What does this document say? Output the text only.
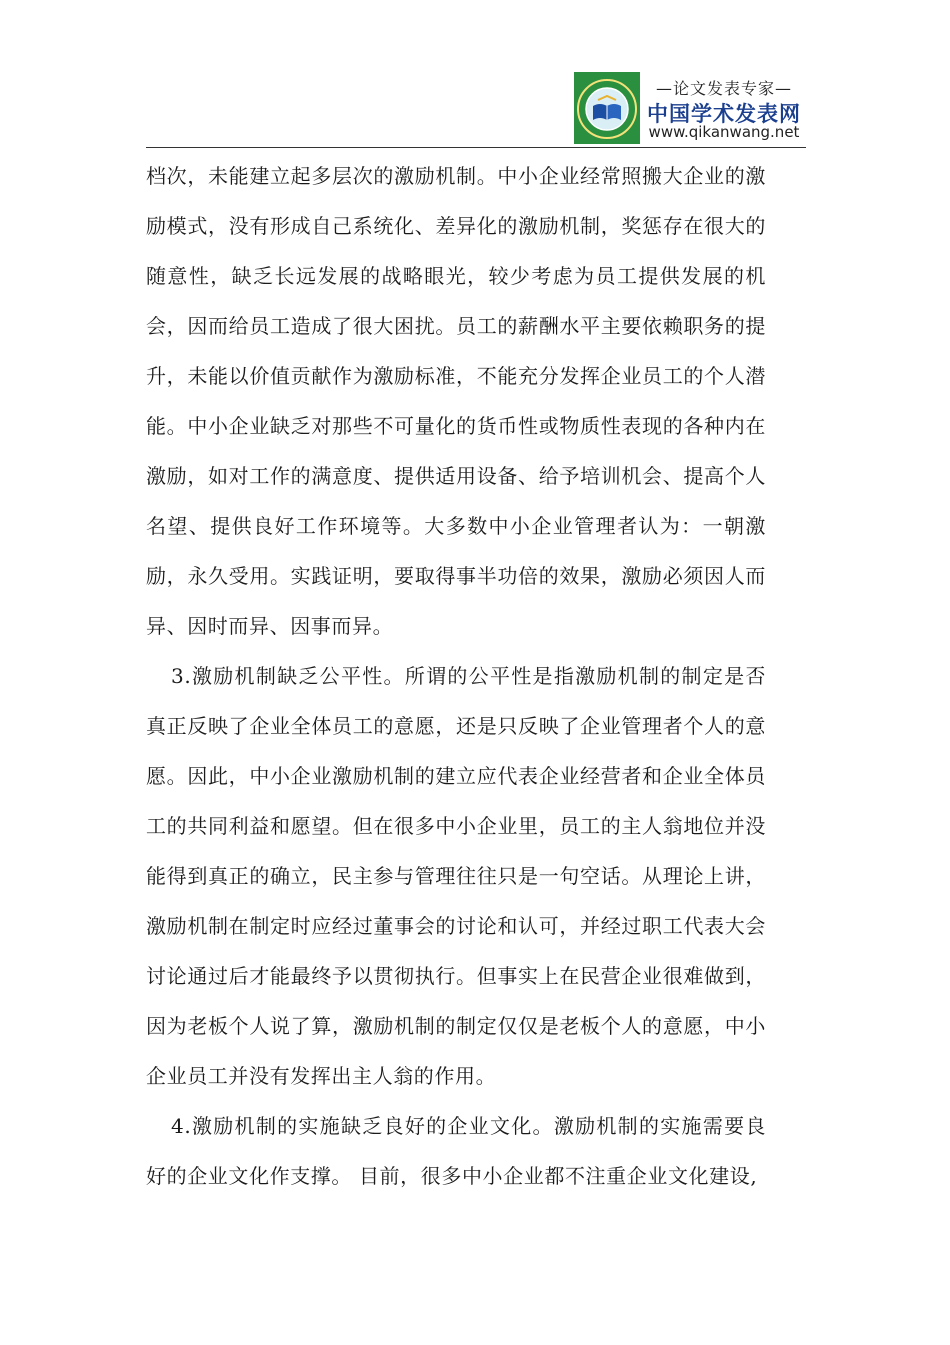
—论文发表专家—
中国学术发表网
www.qikanwang.net

档次，未能建立起多层次的激励机制。中小企业经常照搬大企业的激励模式，没有形成自己系统化、差异化的激励机制，奖惩存在很大的随意性，缺乏长远发展的战略眼光，较少考虑为员工提供发展的机会，因而给员工造成了很大困扰。员工的薪酬水平主要依赖职务的提升，未能以价值贡献作为激励标准，不能充分发挥企业员工的个人潜能。中小企业缺乏对那些不可量化的货币性或物质性表现的各种内在激励，如对工作的满意度、提供适用设备、给予培训机会、提高个人名望、提供良好工作环境等。大多数中小企业管理者认为：一朝激励，永久受用。实践证明，要取得事半功倍的效果，激励必须因人而异、因时而异、因事而异。

3.激励机制缺乏公平性。所谓的公平性是指激励机制的制定是否真正反映了企业全体员工的意愿，还是只反映了企业管理者个人的意愿。因此，中小企业激励机制的建立应代表企业经营者和企业全体员工的共同利益和愿望。但在很多中小企业里，员工的主人翁地位并没能得到真正的确立，民主参与管理往往只是一句空话。从理论上讲，激励机制在制定时应经过董事会的讨论和认可，并经过职工代表大会讨论通过后才能最终予以贯彻执行。但事实上在民营企业很难做到，因为老板个人说了算，激励机制的制定仅仅是老板个人的意愿，中小企业员工并没有发挥出主人翁的作用。

4.激励机制的实施缺乏良好的企业文化。激励机制的实施需要良好的企业文化作支撑。 目前，很多中小企业都不注重企业文化建设,
